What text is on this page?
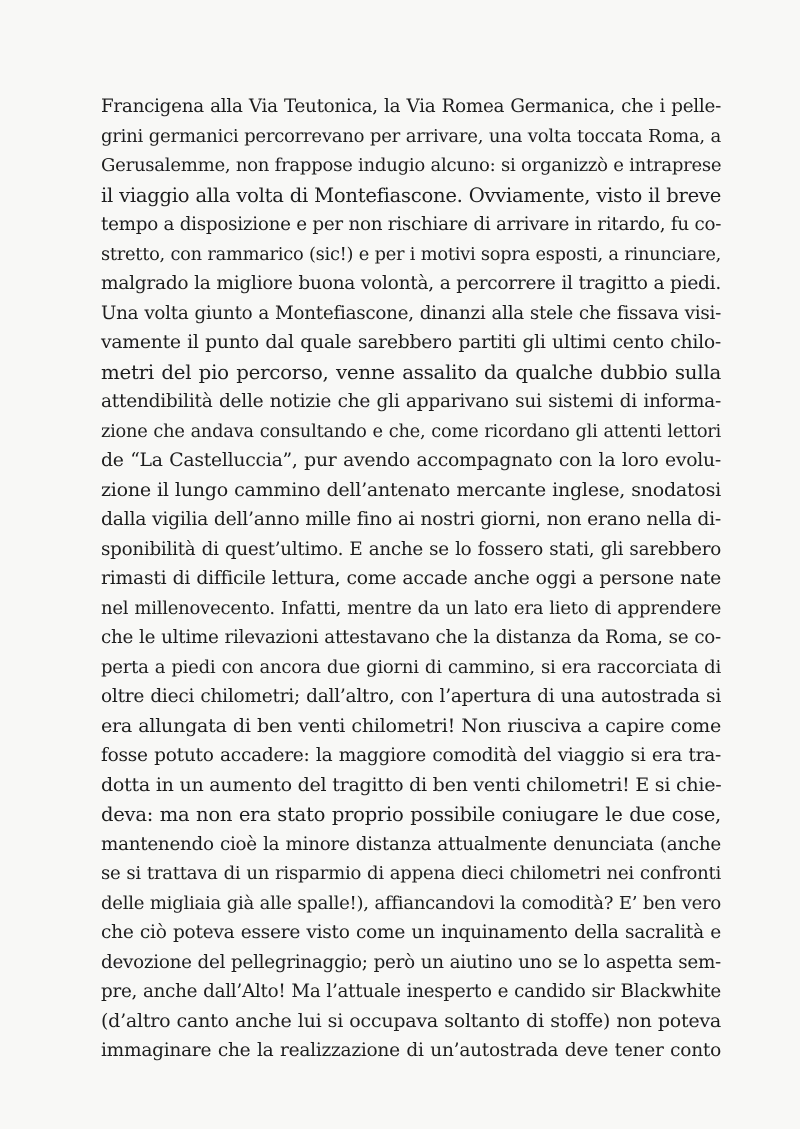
Francigena alla Via Teutonica, la Via Romea Germanica, che i pelle-
grini germanici percorrevano per arrivare, una volta toccata Roma, a
Gerusalemme, non frappose indugio alcuno: si organizzò e intraprese
il viaggio alla volta di Montefiascone. Ovviamente, visto il breve
tempo a disposizione e per non rischiare di arrivare in ritardo, fu co-
stretto, con rammarico (sic!) e per i motivi sopra esposti, a rinunciare,
malgrado la migliore buona volontà, a percorrere il tragitto a piedi.
Una volta giunto a Montefiascone, dinanzi alla stele che fissava visi-
vamente il punto dal quale sarebbero partiti gli ultimi cento chilo-
metri del pio percorso, venne assalito da qualche dubbio sulla
attendibilità delle notizie che gli apparivano sui sistemi di informa-
zione che andava consultando e che, come ricordano gli attenti lettori
de “La Castelluccia”, pur avendo accompagnato con la loro evolu-
zione il lungo cammino dell’antenato mercante inglese, snodatosi
dalla vigilia dell’anno mille fino ai nostri giorni, non erano nella di-
sponibilità di quest’ultimo. E anche se lo fossero stati, gli sarebbero
rimasti di difficile lettura, come accade anche oggi a persone nate
nel millenovecento. Infatti, mentre da un lato era lieto di apprendere
che le ultime rilevazioni attestavano che la distanza da Roma, se co-
perta a piedi con ancora due giorni di cammino, si era raccorciata di
oltre dieci chilometri; dall’altro, con l’apertura di una autostrada si
era allungata di ben venti chilometri! Non riusciva a capire come
fosse potuto accadere: la maggiore comodità del viaggio si era tra-
dotta in un aumento del tragitto di ben venti chilometri! E si chie-
deva: ma non era stato proprio possibile coniugare le due cose,
mantenendo cioè la minore distanza attualmente denunciata (anche
se si trattava di un risparmio di appena dieci chilometri nei confronti
delle migliaia già alle spalle!), affiancandovi la comodità? E’ ben vero
che ciò poteva essere visto come un inquinamento della sacralità e
devozione del pellegrinaggio; però un aiutino uno se lo aspetta sem-
pre, anche dall’Alto! Ma l’attuale inesperto e candido sir Blackwhite
(d’altro canto anche lui si occupava soltanto di stoffe) non poteva
immaginare che la realizzazione di un’autostrada deve tener conto
